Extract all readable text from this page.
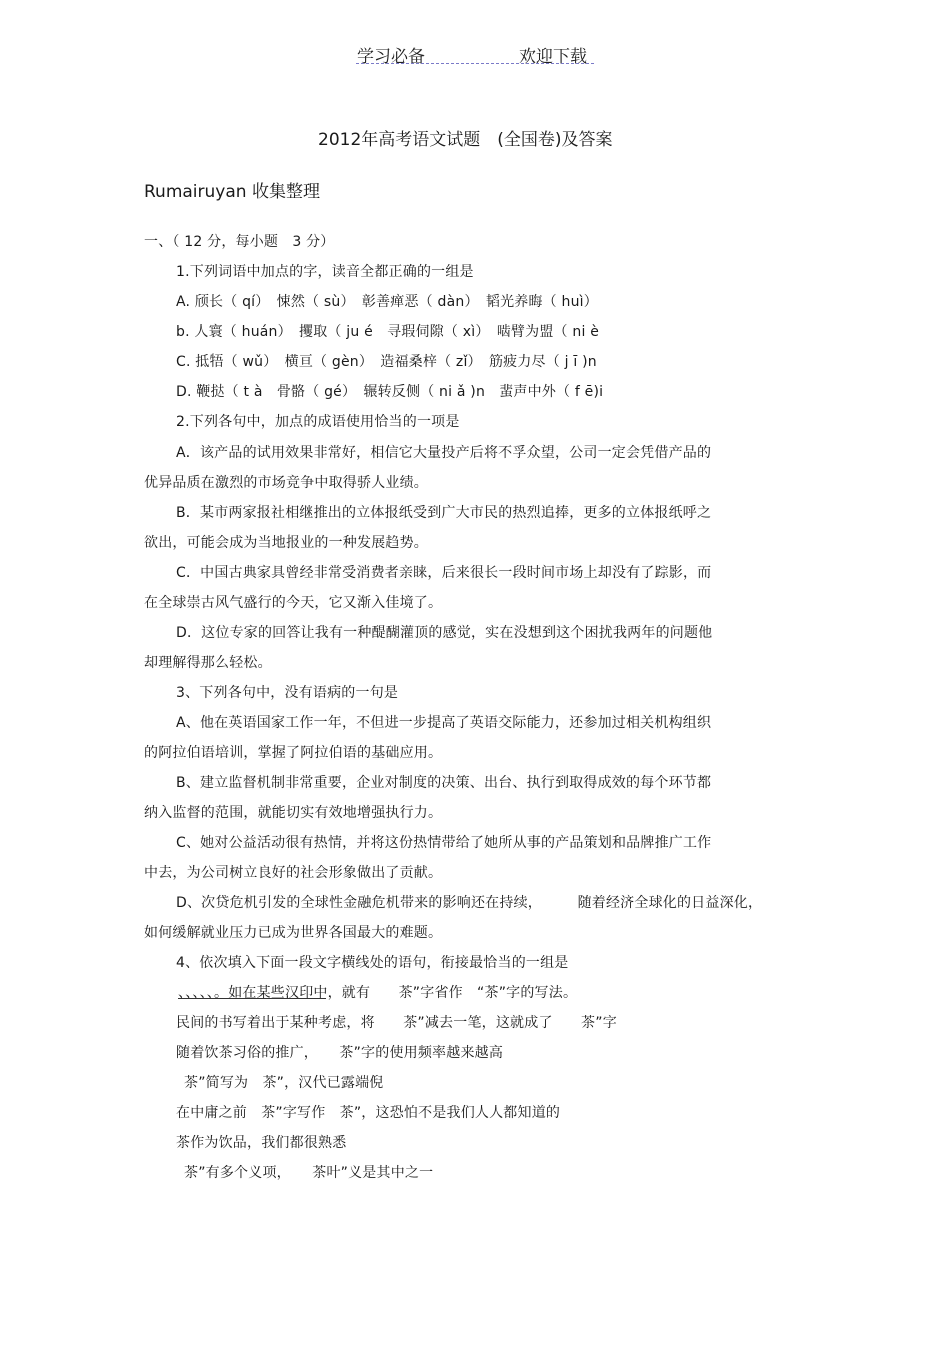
学习必备	欢迎下载
2012年高考语文试题　(全国卷)及答案
Rumairuyan 收集整理
一、（ 12 分，每小题　3 分）
1.下列词语中加点的字，读音全都正确的一组是
A. 颀长（ qí）　悚然（ sù）　彰善瘅恶（ dàn）　韬光养晦（ huì）
b. 人寰（ huán）　攫取（ ju é　寻瑕伺隙（ xì）　啮臂为盟（ ni è
C. 抵牾（ wǔ）　横亘（ gèn）　造福桑梓（ zǐ）　筋疲力尽（ j ī )n
D. 鞭挞（ t à　骨骼（ gé）　辗转反侧（ ni ǎ )n　蜚声中外（ f ē)i
2.下列各句中，加点的成语使用恰当的一项是
A．该产品的试用效果非常好，相信它大量投产后将不孚众望，公司一定会凭借产品的
优异品质在激烈的市场竞争中取得骄人业绩。
B．某市两家报社相继推出的立体报纸受到广大市民的热烈追捧，更多的立体报纸呼之
欲出，可能会成为当地报业的一种发展趋势。
C．中国古典家具曾经非常受消费者亲睐，后来很长一段时间市场上却没有了踪影，而
在全球崇古风气盛行的今天，它又渐入佳境了。
D．这位专家的回答让我有一种醍醐灌顶的感觉，实在没想到这个困扰我两年的问题他
却理解得那么轻松。
3、下列各句中，没有语病的一句是
A、他在英语国家工作一年，不但进一步提高了英语交际能力，还参加过相关机构组织
的阿拉伯语培训，掌握了阿拉伯语的基础应用。
B、建立监督机制非常重要，企业对制度的决策、出台、执行到取得成效的每个环节都
纳入监督的范围，就能切实有效地增强执行力。
C、她对公益活动很有热情，并将这份热情带给了她所从事的产品策划和品牌推广工作
中去，为公司树立良好的社会形象做出了贡献。
D、次贷危机引发的全球性金融危机带来的影响还在持续，　　　随着经济全球化的日益深化，
如何缓解就业压力已成为世界各国最大的难题。
4、依次填入下面一段文字横线处的语句，衔接最恰当的一组是
、、、、、。如在某些汉印中，就有　　茶”字省作　“茶”字的写法。
民间的书写着出于某种考虑，将　　茶”减去一笔，这就成了　　茶”字
随着饮茶习俗的推广，　　茶”字的使用频率越来越高
茶”简写为　茶”，汉代已露端倪
在中庸之前　茶”字写作　茶”，这恐怕不是我们人人都知道的
茶作为饮品，我们都很熟悉
茶”有多个义项，　　茶叶”义是其中之一
